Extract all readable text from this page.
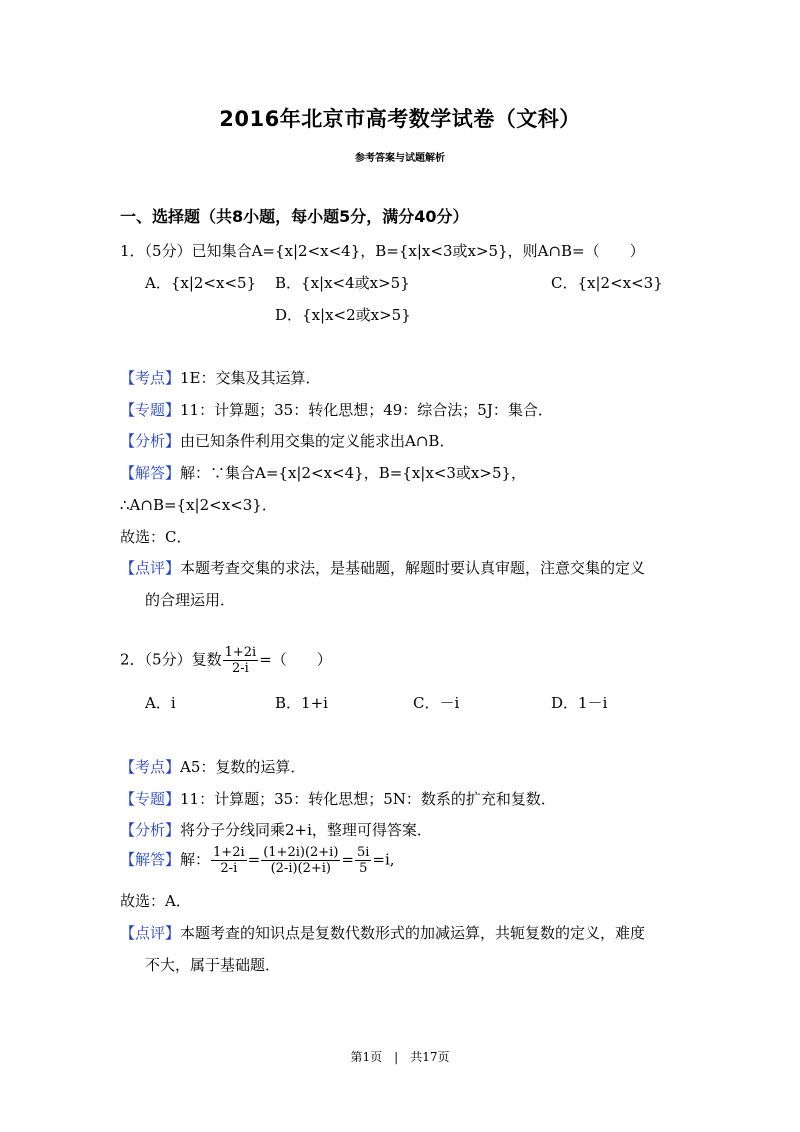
2016年北京市高考数学试卷（文科）
参考答案与试题解析
一、选择题（共8小题，每小题5分，满分40分）
1．（5分）已知集合A={x|2<x<4}，B={x|x<3或x>5}，则A∩B=（　　）
A．{x|2<x<5} B．{x|x<4或x>5}	C．{x|2<x<3}
D．{x|x<2或x>5}
【考点】1E：交集及其运算．
【专题】11：计算题；35：转化思想；49：综合法；5J：集合．
【分析】由已知条件利用交集的定义能求出A∩B．
【解答】解：∵集合A={x|2<x<4}，B={x|x<3或x>5}，
∴A∩B={x|2<x<3}．
故选：C．
【点评】本题考查交集的求法，是基础题，解题时要认真审题，注意交集的定义
的合理运用．
2．（5分）复数 $\frac{1+2i}{2-i}$ =（　　）
A．i	B．1+i	C．－i	D．1－i
【考点】A5：复数的运算．
【专题】11：计算题；35：转化思想；5N：数系的扩充和复数．
【分析】将分子分线同乘2+i，整理可得答案．
【解答】解： $\frac{1+2i}{2-i} = \frac{(1+2i)(2+i)}{(2-i)(2+i)} = \frac{5i}{5} =i$,
故选：A．
【点评】本题考查的知识点是复数代数形式的加减运算，共轭复数的定义，难度
不大，属于基础题．
第1页　|　共17页
